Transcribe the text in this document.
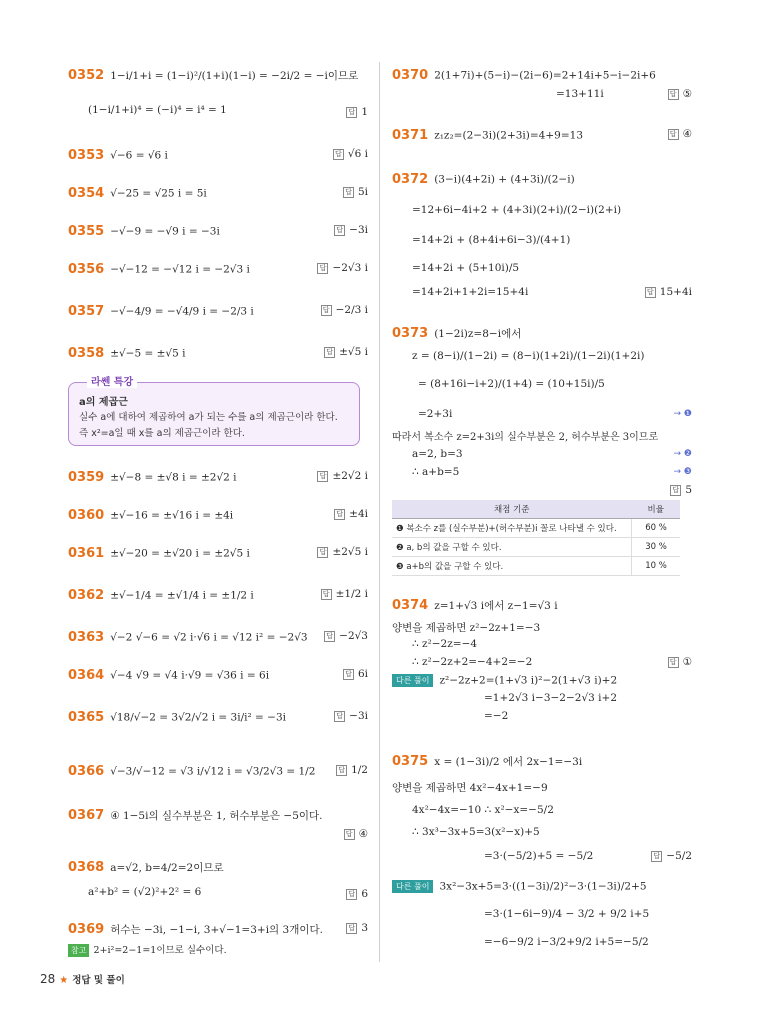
0352 1−i/1+i = (1−i)²/(1+i)(1−i) = −2i/2 = −i이므로
(1−i/1+i)⁴ = (−i)⁴ = i⁴ = 1	답 1
0353 √−6 = √6 i	답 √6 i
0354 √−25 = √25 i = 5i	답 5i
0355 −√−9 = −√9 i = −3i	답 −3i
0356 −√−12 = −√12 i = −2√3 i	답 −2√3 i
0357 −√−4/9 = −√4/9 i = −2/3 i	답 −2/3 i
0358 ±√−5 = ±√5 i	답 ±√5 i
라쎈 특강

a의 제곱근

실수 a에 대하여 제곱하여 a가 되는 수를 a의 제곱근이라 한다.

즉 x²=a일 때 x를 a의 제곱근이라 한다.

0359 ±√−8 = ±√8 i = ±2√2 i	답 ±2√2 i
0360 ±√−16 = ±√16 i = ±4i	답 ±4i
0361 ±√−20 = ±√20 i = ±2√5 i	답 ±2√5 i
0362 ±√−1/4 = ±√1/4 i = ±1/2 i	답 ±1/2 i
0363 √−2 √−6 = √2 i·√6 i = √12 i² = −2√3	답 −2√3
0364 √−4 √9 = √4 i·√9 = √36 i = 6i	답 6i
0365 √18/√−2 = 3√2/√2 i = 3i/i² = −3i	답 −3i
0366 √−3/√−12 = √3 i/√12 i = √3/2√3 = 1/2	답 1/2
0367 ④ 1−5i의 실수부분은 1, 허수부분은 −5이다.
답 ④
0368 a=√2, b=4/2=2이므로
a²+b² = (√2)²+2² = 6	답 6
0369 허수는 −3i, −1−i, 3+√−1=3+i의 3개이다.	답 3
참고 2+i²=2−1=1이므로 실수이다.
0370 2(1+7i)+(5−i)−(2i−6)=2+14i+5−i−2i+6
=13+11i	답 ⑤
0371 z₁z₂=(2−3i)(2+3i)=4+9=13	답 ④
0372 (3−i)(4+2i) + (4+3i)/(2−i)
=12+6i−4i+2 + (4+3i)(2+i)/(2−i)(2+i)
=14+2i + (8+4i+6i−3)/(4+1)
=14+2i + (5+10i)/5
=14+2i+1+2i=15+4i	답 15+4i
0373 (1−2i)z=8−i에서
z = (8−i)/(1−2i) = (8−i)(1+2i)/(1−2i)(1+2i)
= (8+16i−i+2)/(1+4) = (10+15i)/5
=2+3i	→ ❶
따라서 복소수 z=2+3i의 실수부분은 2, 허수부분은 3이므로
a=2, b=3	→ ❷
∴ a+b=5	→ ❸
답 5
채점 기준	비율
❶ 복소수 z를 (실수부분)+(허수부분)i 꼴로 나타낼 수 있다.	60 %
❷ a, b의 값을 구할 수 있다.	30 %
❸ a+b의 값을 구할 수 있다.	10 %
0374 z=1+√3 i에서 z−1=√3 i
양변을 제곱하면 z²−2z+1=−3
∴ z²−2z=−4
∴ z²−2z+2=−4+2=−2	답 ①
다른 풀이 z²−2z+2=(1+√3 i)²−2(1+√3 i)+2
=1+2√3 i−3−2−2√3 i+2
=−2
0375 x = (1−3i)/2 에서 2x−1=−3i
양변을 제곱하면 4x²−4x+1=−9
4x²−4x=−10 ∴ x²−x=−5/2
∴ 3x³−3x+5=3(x²−x)+5
=3·(−5/2)+5 = −5/2	답 −5/2
다른 풀이 3x²−3x+5=3·((1−3i)/2)²−3·(1−3i)/2+5
=3·(1−6i−9)/4 − 3/2 + 9/2 i+5
=−6−9/2 i−3/2+9/2 i+5=−5/2
28 ★ 정답 및 풀이
